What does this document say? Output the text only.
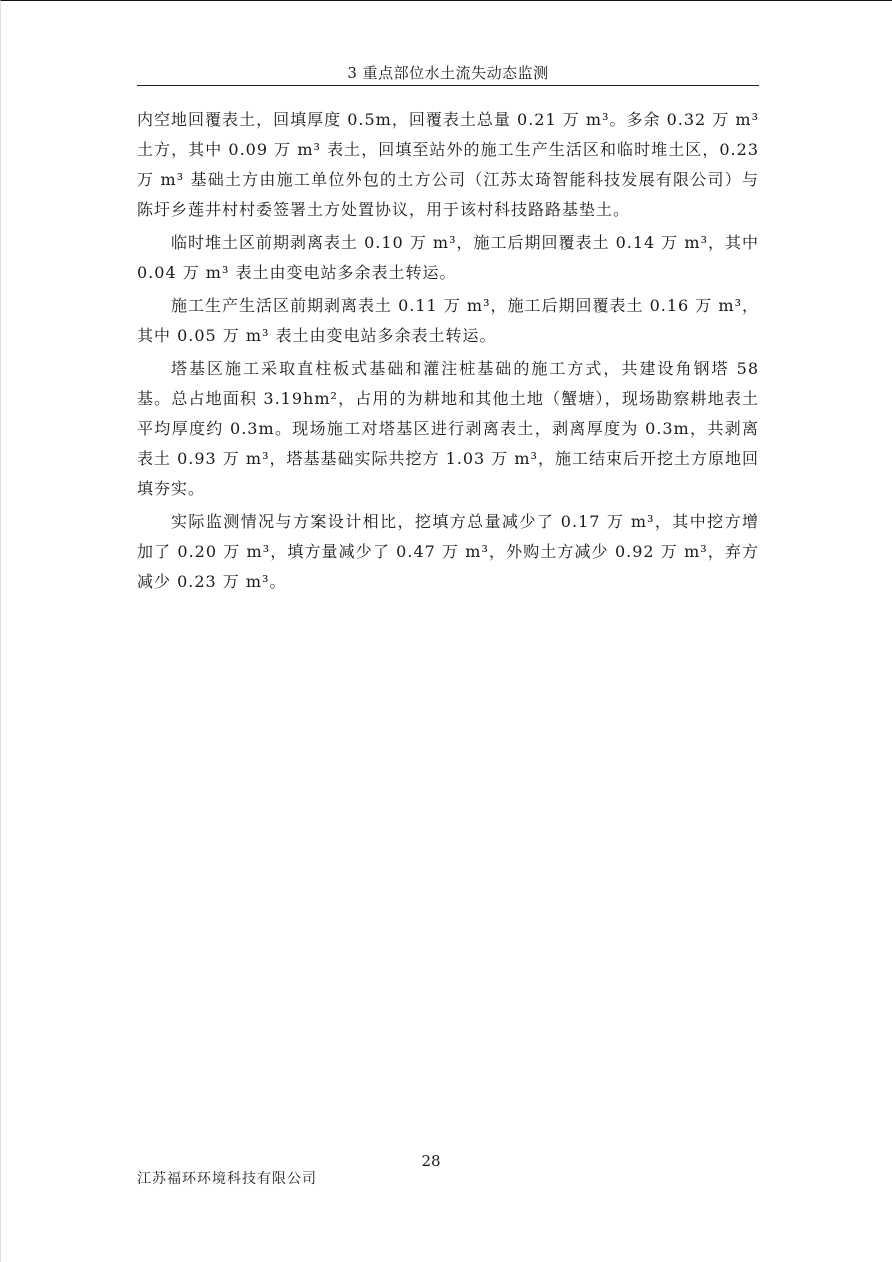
3 重点部位水土流失动态监测

内空地回覆表土，回填厚度 0.5m，回覆表土总量 0.21 万 m³。多余 0.32 万 m³ 土方，其中 0.09 万 m³ 表土，回填至站外的施工生产生活区和临时堆土区，0.23 万 m³ 基础土方由施工单位外包的土方公司（江苏太琦智能科技发展有限公司）与陈圩乡莲井村村委签署土方处置协议，用于该村科技路路基垫土。

临时堆土区前期剥离表土 0.10 万 m³，施工后期回覆表土 0.14 万 m³，其中 0.04 万 m³ 表土由变电站多余表土转运。

施工生产生活区前期剥离表土 0.11 万 m³，施工后期回覆表土 0.16 万 m³，其中 0.05 万 m³ 表土由变电站多余表土转运。

塔基区施工采取直柱板式基础和灌注桩基础的施工方式，共建设角钢塔 58 基。总占地面积 3.19hm²，占用的为耕地和其他土地（蟹塘），现场勘察耕地表土平均厚度约 0.3m。现场施工对塔基区进行剥离表土，剥离厚度为 0.3m，共剥离表土 0.93 万 m³，塔基基础实际共挖方 1.03 万 m³，施工结束后开挖土方原地回填夯实。

实际监测情况与方案设计相比，挖填方总量减少了 0.17 万 m³，其中挖方增加了 0.20 万 m³，填方量减少了 0.47 万 m³，外购土方减少 0.92 万 m³，弃方减少 0.23 万 m³。

28
江苏福环环境科技有限公司
